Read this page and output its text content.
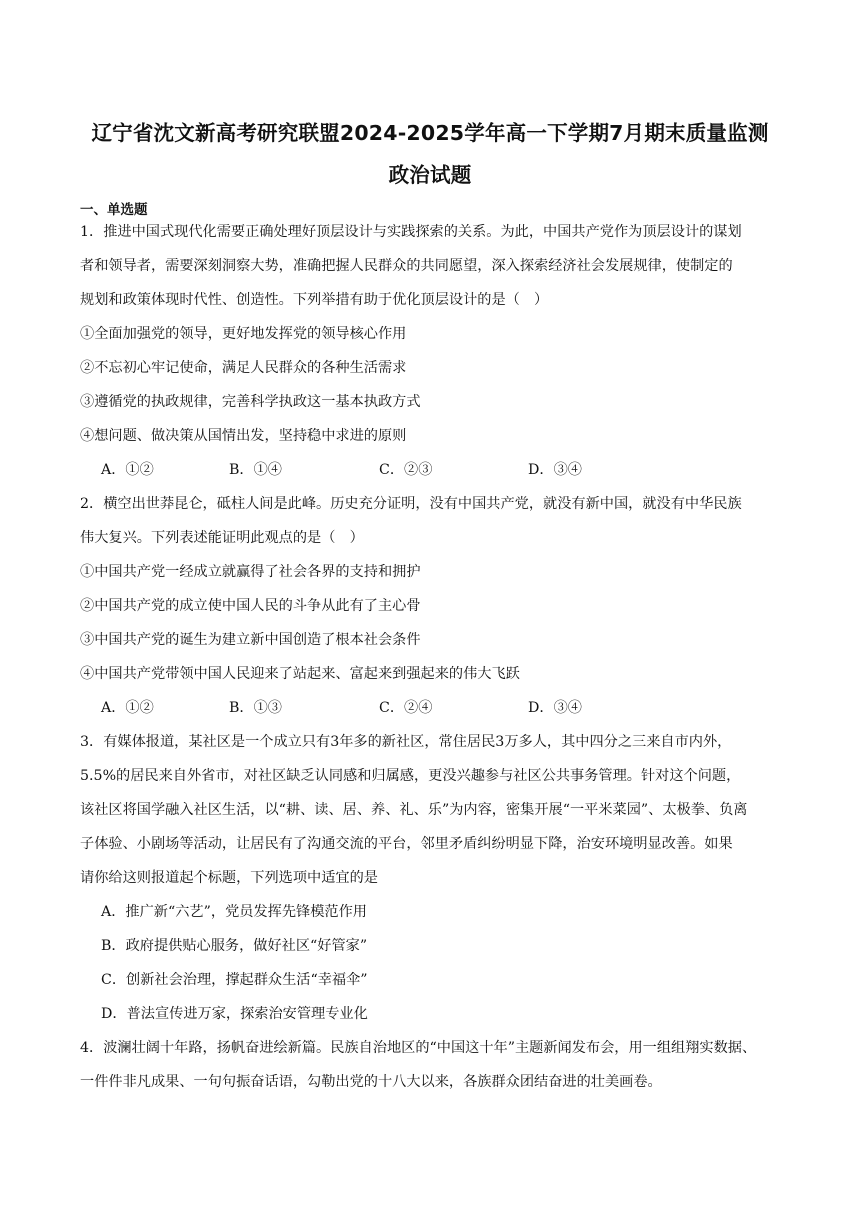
辽宁省沈文新高考研究联盟2024-2025学年高一下学期7月期末质量监测
政治试题
一、单选题
1．推进中国式现代化需要正确处理好顶层设计与实践探索的关系。为此，中国共产党作为顶层设计的谋划
者和领导者，需要深刻洞察大势，准确把握人民群众的共同愿望，深入探索经济社会发展规律，使制定的
规划和政策体现时代性、创造性。下列举措有助于优化顶层设计的是（　）
①全面加强党的领导，更好地发挥党的领导核心作用
②不忘初心牢记使命，满足人民群众的各种生活需求
③遵循党的执政规律，完善科学执政这一基本执政方式
④想问题、做决策从国情出发，坚持稳中求进的原则
A．①②	B．①④	C．②③	D．③④
2．横空出世莽昆仑，砥柱人间是此峰。历史充分证明，没有中国共产党，就没有新中国，就没有中华民族
伟大复兴。下列表述能证明此观点的是（　）
①中国共产党一经成立就赢得了社会各界的支持和拥护
②中国共产党的成立使中国人民的斗争从此有了主心骨
③中国共产党的诞生为建立新中国创造了根本社会条件
④中国共产党带领中国人民迎来了站起来、富起来到强起来的伟大飞跃
A．①②	B．①③	C．②④	D．③④
3．有媒体报道，某社区是一个成立只有3年多的新社区，常住居民3万多人，其中四分之三来自市内外，
5.5%的居民来自外省市，对社区缺乏认同感和归属感，更没兴趣参与社区公共事务管理。针对这个问题，
该社区将国学融入社区生活，以“耕、读、居、养、礼、乐”为内容，密集开展“一平米菜园”、太极拳、负离
子体验、小剧场等活动，让居民有了沟通交流的平台，邻里矛盾纠纷明显下降，治安环境明显改善。如果
请你给这则报道起个标题，下列选项中适宜的是
A．推广新“六艺”，党员发挥先锋模范作用
B．政府提供贴心服务，做好社区“好管家”
C．创新社会治理，撑起群众生活“幸福伞”
D．普法宣传进万家，探索治安管理专业化
4．波澜壮阔十年路，扬帆奋进绘新篇。民族自治地区的“中国这十年”主题新闻发布会，用一组组翔实数据、
一件件非凡成果、一句句振奋话语，勾勒出党的十八大以来，各族群众团结奋进的壮美画卷。
